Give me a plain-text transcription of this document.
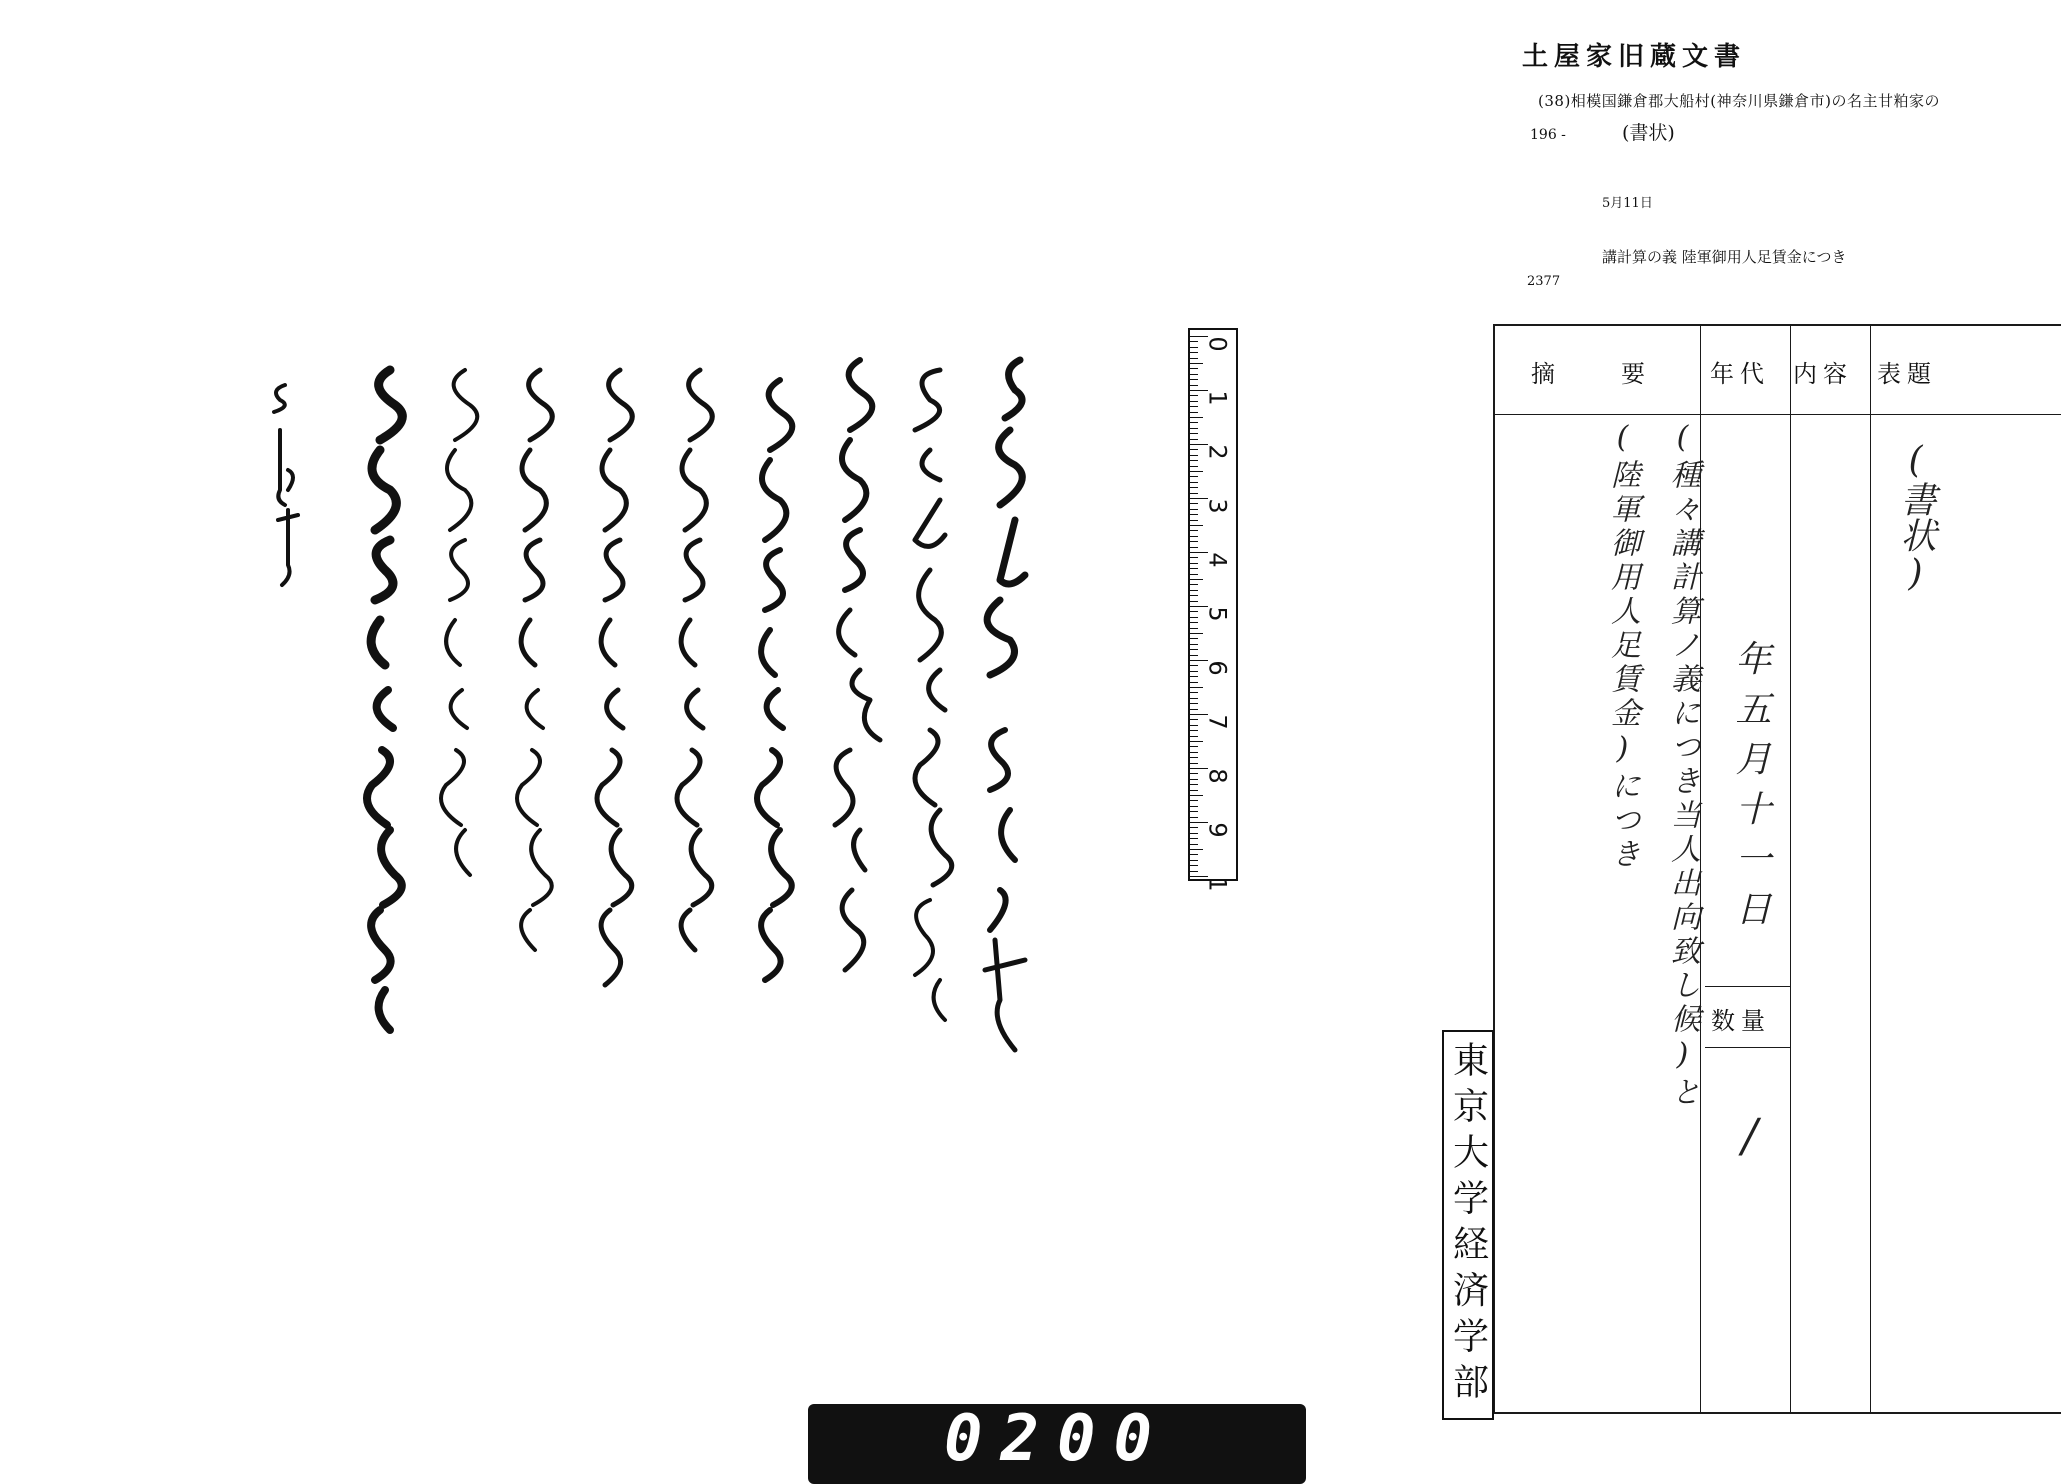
土屋家旧蔵文書
(38)相模国鎌倉郡大船村(神奈川県鎌倉市)の名主甘粕家の
196 -	(書状)
5月11日
講計算の義 陸軍御用人足賃金につき
2377
摘　　要 年代 内容 表題
数量
(書状)
(種々講計算ノ義につき当人出向致し候)と
(陸軍御用人足賃金)につき	年五月十一日
/
東京大学経済学部
0
1
2
3
4
5
6
7
8
9
1
0200
